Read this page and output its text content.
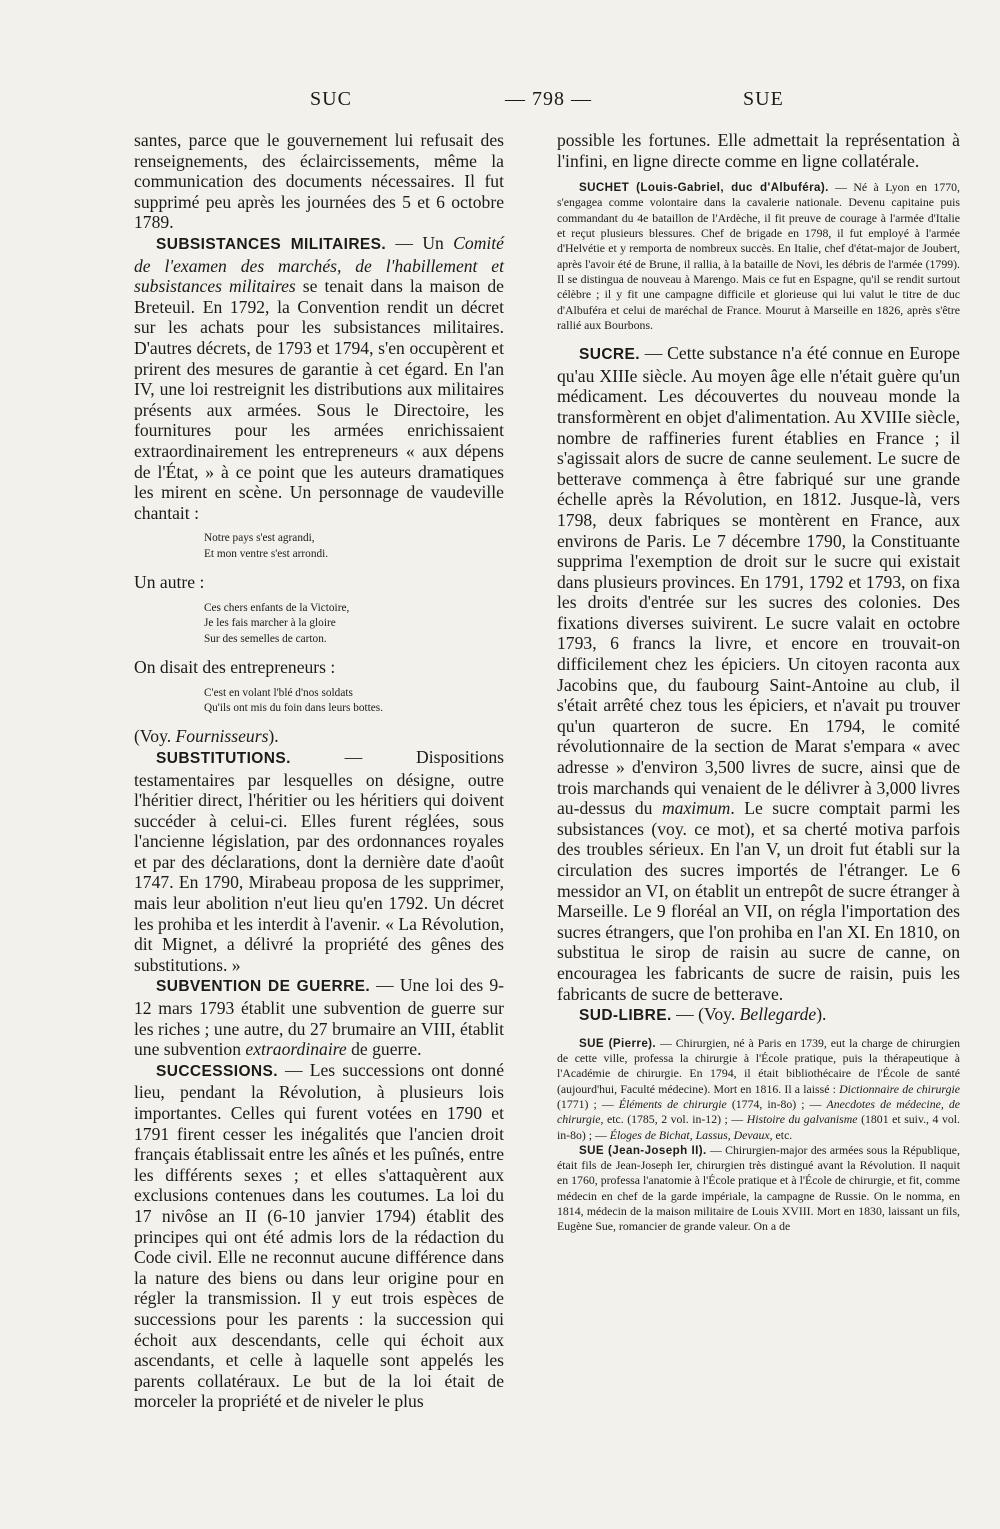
SUC	— 798 —	SUE

santes, parce que le gouvernement lui refusait des renseignements, des éclaircissements, même la communication des documents nécessaires. Il fut supprimé peu après les journées des 5 et 6 octobre 1789.

SUBSISTANCES MILITAIRES. — Un Comité de l'examen des marchés, de l'habillement et subsistances militaires se tenait dans la maison de Breteuil. En 1792, la Convention rendit un décret sur les achats pour les subsistances militaires. D'autres décrets, de 1793 et 1794, s'en occupèrent et prirent des mesures de garantie à cet égard. En l'an IV, une loi restreignit les distributions aux militaires présents aux armées. Sous le Directoire, les fournitures pour les armées enrichissaient extraordinairement les entrepreneurs « aux dépens de l'État, » à ce point que les auteurs dramatiques les mirent en scène. Un personnage de vaudeville chantait :

Notre pays s'est agrandi,
Et mon ventre s'est arrondi.

Un autre :

Ces chers enfants de la Victoire,
Je les fais marcher à la gloire
Sur des semelles de carton.

On disait des entrepreneurs :

C'est en volant l'blé d'nos soldats
Qu'ils ont mis du foin dans leurs bottes.

(Voy. Fournisseurs).

SUBSTITUTIONS. — Dispositions testamentaires par lesquelles on désigne, outre l'héritier direct, l'héritier ou les héritiers qui doivent succéder à celui-ci. Elles furent réglées, sous l'ancienne législation, par des ordonnances royales et par des déclarations, dont la dernière date d'août 1747. En 1790, Mirabeau proposa de les supprimer, mais leur abolition n'eut lieu qu'en 1792. Un décret les prohiba et les interdit à l'avenir. « La Révolution, dit Mignet, a délivré la propriété des gênes des substitutions. »

SUBVENTION DE GUERRE. — Une loi des 9-12 mars 1793 établit une subvention de guerre sur les riches ; une autre, du 27 brumaire an VIII, établit une subvention extraordinaire de guerre.

SUCCESSIONS. — Les successions ont donné lieu, pendant la Révolution, à plusieurs lois importantes. Celles qui furent votées en 1790 et 1791 firent cesser les inégalités que l'ancien droit français établissait entre les aînés et les puînés, entre les différents sexes ; et elles s'attaquèrent aux exclusions contenues dans les coutumes. La loi du 17 nivôse an II (6-10 janvier 1794) établit des principes qui ont été admis lors de la rédaction du Code civil. Elle ne reconnut aucune différence dans la nature des biens ou dans leur origine pour en régler la transmission. Il y eut trois espèces de successions pour les parents : la succession qui échoit aux descendants, celle qui échoit aux ascendants, et celle à laquelle sont appelés les parents collatéraux. Le but de la loi était de morceler la propriété et de niveler le plus

possible les fortunes. Elle admettait la représentation à l'infini, en ligne directe comme en ligne collatérale.

SUCHET (Louis-Gabriel, duc d'Albuféra). — Né à Lyon en 1770, s'engagea comme volontaire dans la cavalerie nationale. Devenu capitaine puis commandant du 4e bataillon de l'Ardèche, il fit preuve de courage à l'armée d'Italie et reçut plusieurs blessures. Chef de brigade en 1798, il fut employé à l'armée d'Helvétie et y remporta de nombreux succès. En Italie, chef d'état-major de Joubert, après l'avoir été de Brune, il rallia, à la bataille de Novi, les débris de l'armée (1799). Il se distingua de nouveau à Marengo. Mais ce fut en Espagne, qu'il se rendit surtout célèbre ; il y fit une campagne difficile et glorieuse qui lui valut le titre de duc d'Albuféra et celui de maréchal de France. Mourut à Marseille en 1826, après s'être rallié aux Bourbons.

SUCRE. — Cette substance n'a été connue en Europe qu'au XIIIe siècle. Au moyen âge elle n'était guère qu'un médicament. Les découvertes du nouveau monde la transformèrent en objet d'alimentation. Au XVIIIe siècle, nombre de raffineries furent établies en France ; il s'agissait alors de sucre de canne seulement. Le sucre de betterave commença à être fabriqué sur une grande échelle après la Révolution, en 1812. Jusque-là, vers 1798, deux fabriques se montèrent en France, aux environs de Paris. Le 7 décembre 1790, la Constituante supprima l'exemption de droit sur le sucre qui existait dans plusieurs provinces. En 1791, 1792 et 1793, on fixa les droits d'entrée sur les sucres des colonies. Des fixations diverses suivirent. Le sucre valait en octobre 1793, 6 francs la livre, et encore en trouvait-on difficilement chez les épiciers. Un citoyen raconta aux Jacobins que, du faubourg Saint-Antoine au club, il s'était arrêté chez tous les épiciers, et n'avait pu trouver qu'un quarteron de sucre. En 1794, le comité révolutionnaire de la section de Marat s'empara « avec adresse » d'environ 3,500 livres de sucre, ainsi que de trois marchands qui venaient de le délivrer à 3,000 livres au-dessus du maximum. Le sucre comptait parmi les subsistances (voy. ce mot), et sa cherté motiva parfois des troubles sérieux. En l'an V, un droit fut établi sur la circulation des sucres importés de l'étranger. Le 6 messidor an VI, on établit un entrepôt de sucre étranger à Marseille. Le 9 floréal an VII, on régla l'importation des sucres étrangers, que l'on prohiba en l'an XI. En 1810, on substitua le sirop de raisin au sucre de canne, on encouragea les fabricants de sucre de raisin, puis les fabricants de sucre de betterave.

SUD-LIBRE. — (Voy. Bellegarde).

SUE (Pierre). — Chirurgien, né à Paris en 1739, eut la charge de chirurgien de cette ville, professa la chirurgie à l'École pratique, puis la thérapeutique à l'Académie de chirurgie. En 1794, il était bibliothécaire de l'École de santé (aujourd'hui, Faculté médecine). Mort en 1816. Il a laissé : Dictionnaire de chirurgie (1771) ; — Éléments de chirurgie (1774, in-8o) ; — Anecdotes de médecine, de chirurgie, etc. (1785, 2 vol. in-12) ; — Histoire du galvanisme (1801 et suiv., 4 vol. in-8o) ; — Éloges de Bichat, Lassus, Devaux, etc.

SUE (Jean-Joseph II). — Chirurgien-major des armées sous la République, était fils de Jean-Joseph Ier, chirurgien très distingué avant la Révolution. Il naquit en 1760, professa l'anatomie à l'École pratique et à l'École de chirurgie, et fit, comme médecin en chef de la garde impériale, la campagne de Russie. On le nomma, en 1814, médecin de la maison militaire de Louis XVIII. Mort en 1830, laissant un fils, Eugène Sue, romancier de grande valeur. On a de
